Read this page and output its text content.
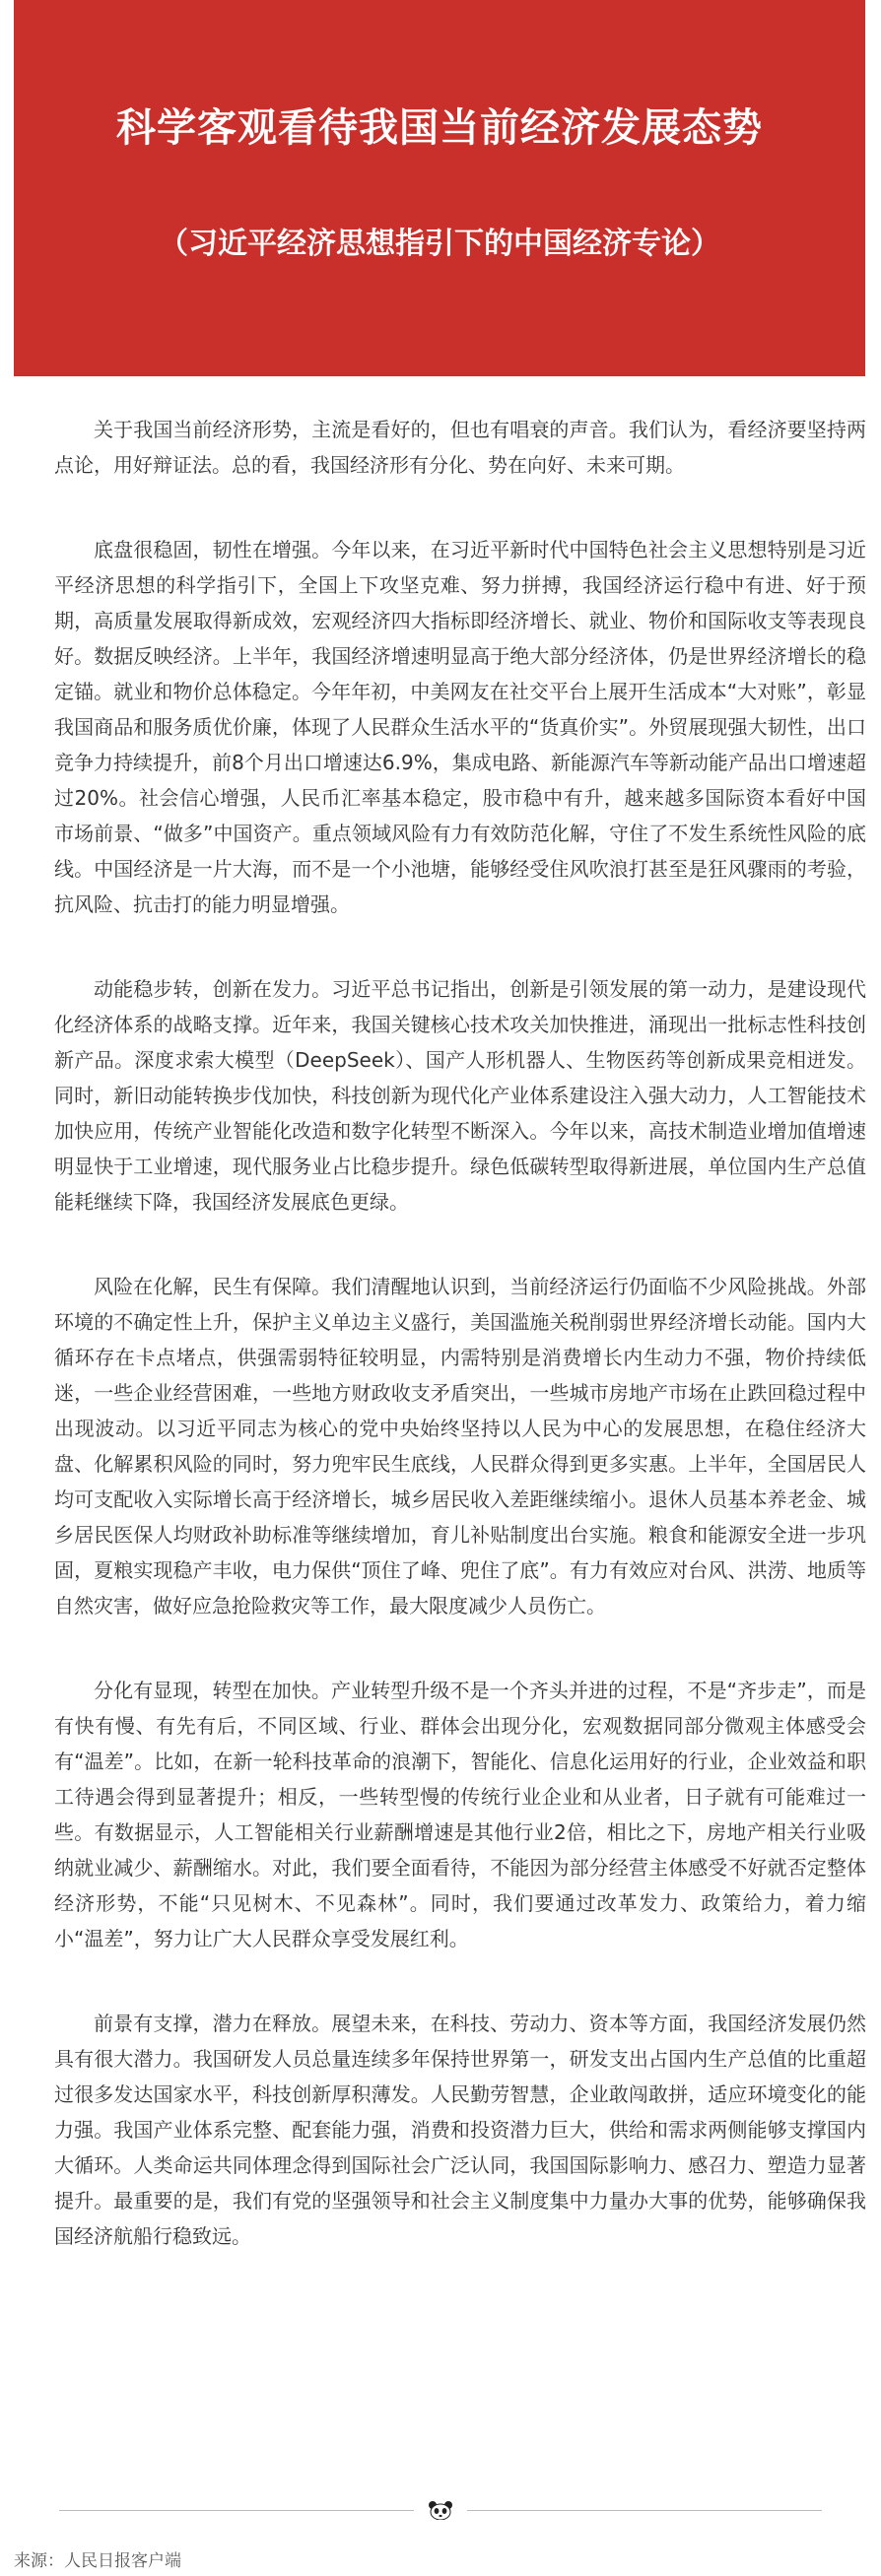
科学客观看待我国当前经济发展态势
（习近平经济思想指引下的中国经济专论）

关于我国当前经济形势，主流是看好的，但也有唱衰的声音。我们认为，看经济要坚持两点论，用好辩证法。总的看，我国经济形有分化、势在向好、未来可期。

底盘很稳固，韧性在增强。今年以来，在习近平新时代中国特色社会主义思想特别是习近平经济思想的科学指引下，全国上下攻坚克难、努力拼搏，我国经济运行稳中有进、好于预期，高质量发展取得新成效，宏观经济四大指标即经济增长、就业、物价和国际收支等表现良好。数据反映经济。上半年，我国经济增速明显高于绝大部分经济体，仍是世界经济增长的稳定锚。就业和物价总体稳定。今年年初，中美网友在社交平台上展开生活成本“大对账”，彰显我国商品和服务质优价廉，体现了人民群众生活水平的“货真价实”。外贸展现强大韧性，出口竞争力持续提升，前8个月出口增速达6.9%，集成电路、新能源汽车等新动能产品出口增速超过20%。社会信心增强，人民币汇率基本稳定，股市稳中有升，越来越多国际资本看好中国市场前景、“做多”中国资产。重点领域风险有力有效防范化解，守住了不发生系统性风险的底线。中国经济是一片大海，而不是一个小池塘，能够经受住风吹浪打甚至是狂风骤雨的考验，抗风险、抗击打的能力明显增强。

动能稳步转，创新在发力。习近平总书记指出，创新是引领发展的第一动力，是建设现代化经济体系的战略支撑。近年来，我国关键核心技术攻关加快推进，涌现出一批标志性科技创新产品。深度求索大模型（DeepSeek）、国产人形机器人、生物医药等创新成果竞相迸发。同时，新旧动能转换步伐加快，科技创新为现代化产业体系建设注入强大动力，人工智能技术加快应用，传统产业智能化改造和数字化转型不断深入。今年以来，高技术制造业增加值增速明显快于工业增速，现代服务业占比稳步提升。绿色低碳转型取得新进展，单位国内生产总值能耗继续下降，我国经济发展底色更绿。

风险在化解，民生有保障。我们清醒地认识到，当前经济运行仍面临不少风险挑战。外部环境的不确定性上升，保护主义单边主义盛行，美国滥施关税削弱世界经济增长动能。国内大循环存在卡点堵点，供强需弱特征较明显，内需特别是消费增长内生动力不强，物价持续低迷，一些企业经营困难，一些地方财政收支矛盾突出，一些城市房地产市场在止跌回稳过程中出现波动。以习近平同志为核心的党中央始终坚持以人民为中心的发展思想，在稳住经济大盘、化解累积风险的同时，努力兜牢民生底线，人民群众得到更多实惠。上半年，全国居民人均可支配收入实际增长高于经济增长，城乡居民收入差距继续缩小。退休人员基本养老金、城乡居民医保人均财政补助标准等继续增加，育儿补贴制度出台实施。粮食和能源安全进一步巩固，夏粮实现稳产丰收，电力保供“顶住了峰、兜住了底”。有力有效应对台风、洪涝、地质等自然灾害，做好应急抢险救灾等工作，最大限度减少人员伤亡。

分化有显现，转型在加快。产业转型升级不是一个齐头并进的过程，不是“齐步走”，而是有快有慢、有先有后，不同区域、行业、群体会出现分化，宏观数据同部分微观主体感受会有“温差”。比如，在新一轮科技革命的浪潮下，智能化、信息化运用好的行业，企业效益和职工待遇会得到显著提升；相反，一些转型慢的传统行业企业和从业者，日子就有可能难过一些。有数据显示，人工智能相关行业薪酬增速是其他行业2倍，相比之下，房地产相关行业吸纳就业减少、薪酬缩水。对此，我们要全面看待，不能因为部分经营主体感受不好就否定整体经济形势，不能“只见树木、不见森林”。同时，我们要通过改革发力、政策给力，着力缩小“温差”，努力让广大人民群众享受发展红利。

前景有支撑，潜力在释放。展望未来，在科技、劳动力、资本等方面，我国经济发展仍然具有很大潜力。我国研发人员总量连续多年保持世界第一，研发支出占国内生产总值的比重超过很多发达国家水平，科技创新厚积薄发。人民勤劳智慧，企业敢闯敢拼，适应环境变化的能力强。我国产业体系完整、配套能力强，消费和投资潜力巨大，供给和需求两侧能够支撑国内大循环。人类命运共同体理念得到国际社会广泛认同，我国国际影响力、感召力、塑造力显著提升。最重要的是，我们有党的坚强领导和社会主义制度集中力量办大事的优势，能够确保我国经济航船行稳致远。

来源：人民日报客户端
